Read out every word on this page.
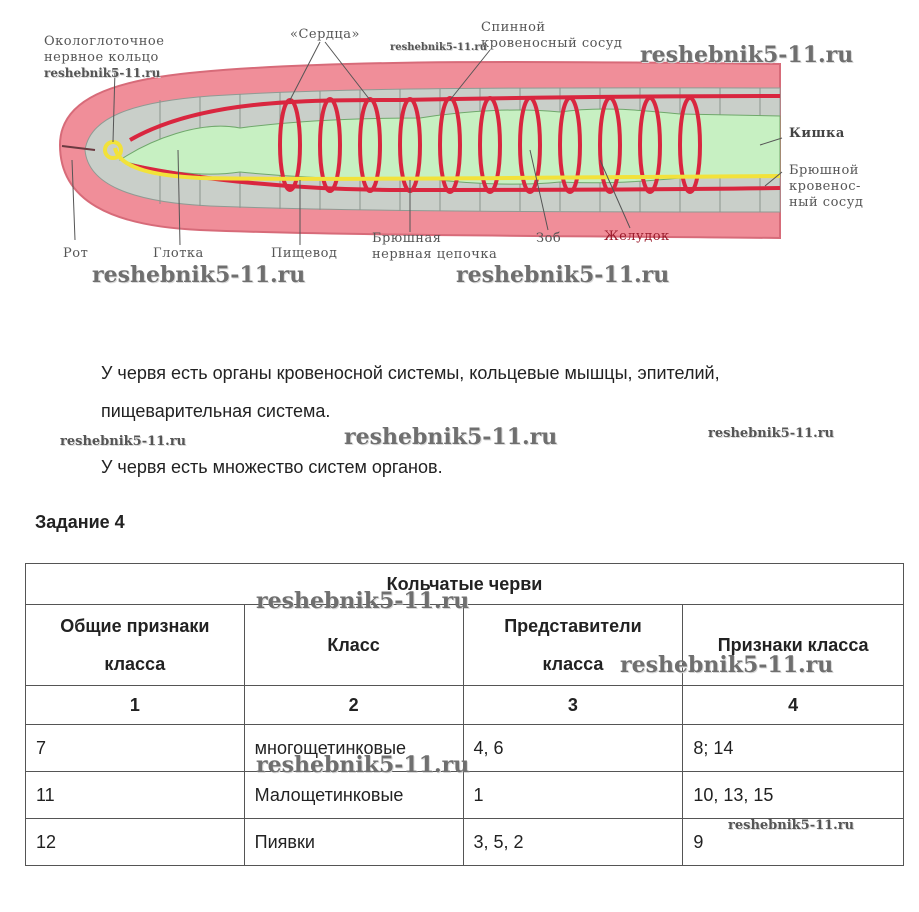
Окологлоточное
нервное кольцо
«Сердца»	Спинной
кровеносный сосуд
Кишка
Брюшной
кровенос-
ный сосуд
Рот	Глотка	Пищевод
Брюшная
нервная цепочка
Зоб	Желудок
reshebnik5-11.ru
reshebnik5-11.ru	reshebnik5-11.ru
reshebnik5-11.ru	reshebnik5-11.ru
У червя есть органы кровеносной системы, кольцевые мышцы, эпителий,
пищеварительная система.
У червя есть множество систем органов.
reshebnik5-11.ru	reshebnik5-11.ru	reshebnik5-11.ru
Задание 4
Кольчатые черви			
Общие признаки класса	Класс	Представители класса	Признаки класса
1	2	3	4
7	многощетинковые	4, 6	8; 14
11	Малощетинковые	1	10, 13, 15
12	Пиявки	3, 5, 2	9
reshebnik5-11.ru
reshebnik5-11.ru
reshebnik5-11.ru
reshebnik5-11.ru
